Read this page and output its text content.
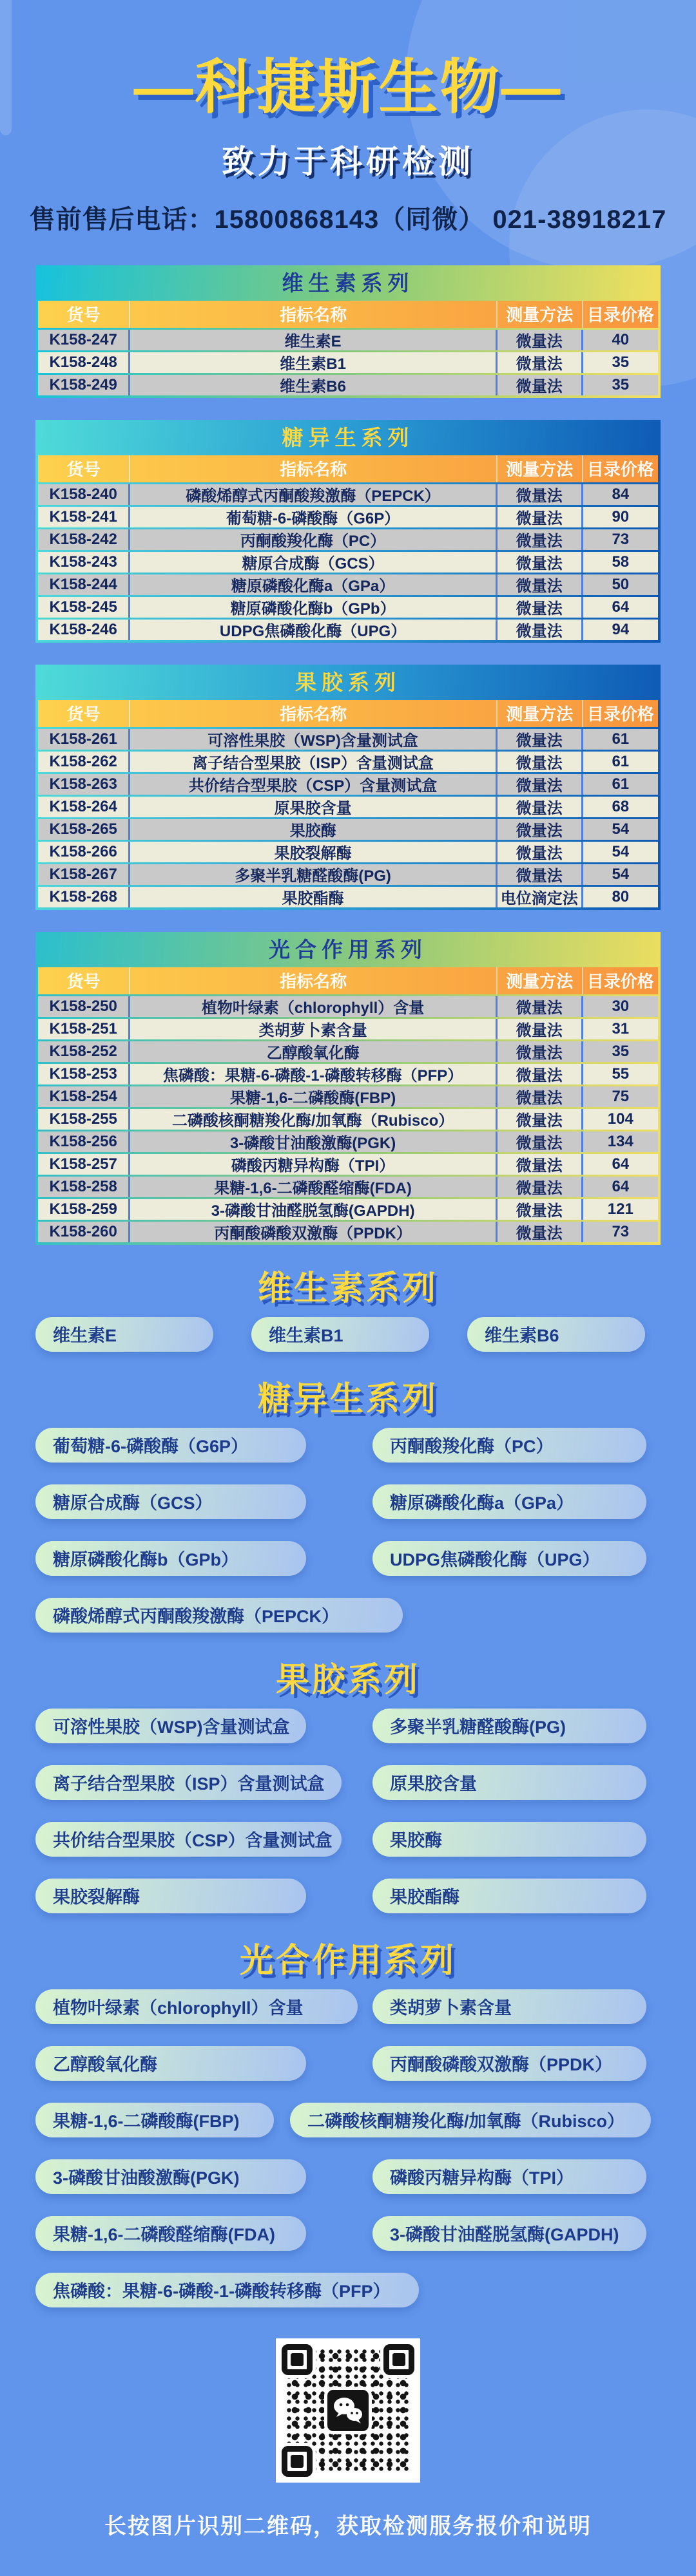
—科捷斯生物—
致力于科研检测
售前售后电话：15800868143（同微） 021-38918217
维生素系列
货号	指标名称	测量方法 目录价格
K158-247	维生素E	微量法	40
K158-248	维生素B1	微量法	35
K158-249	维生素B6	微量法	35
糖异生系列
货号	指标名称	测量方法 目录价格
K158-240	磷酸烯醇式丙酮酸羧激酶（PEPCK）	微量法	84
K158-241	葡萄糖-6-磷酸酶（G6P）	微量法	90
K158-242	丙酮酸羧化酶（PC）	微量法	73
K158-243	糖原合成酶（GCS）	微量法	58
K158-244	糖原磷酸化酶a（GPa）	微量法	50
K158-245	糖原磷酸化酶b（GPb）	微量法	64
K158-246	UDPG焦磷酸化酶（UPG）	微量法	94
果胶系列
货号	指标名称	测量方法 目录价格
K158-261	可溶性果胶（WSP)含量测试盒	微量法	61
K158-262	离子结合型果胶（ISP）含量测试盒	微量法	61
K158-263	共价结合型果胶（CSP）含量测试盒	微量法	61
K158-264	原果胶含量	微量法	68
K158-265	果胶酶	微量法	54
K158-266	果胶裂解酶	微量法	54
K158-267	多聚半乳糖醛酸酶(PG)	微量法	54
K158-268	果胶酯酶	电位滴定法	80
光合作用系列
货号	指标名称	测量方法 目录价格
K158-250	植物叶绿素（chlorophyll）含量	微量法	30
K158-251	类胡萝卜素含量	微量法	31
K158-252	乙醇酸氧化酶	微量法	35
K158-253	焦磷酸：果糖-6-磷酸-1-磷酸转移酶（PFP）	微量法	55
K158-254	果糖-1,6-二磷酸酶(FBP)	微量法	75
K158-255	二磷酸核酮糖羧化酶/加氧酶（Rubisco）	微量法	104
K158-256	3-磷酸甘油酸激酶(PGK)	微量法	134
K158-257	磷酸丙糖异构酶（TPI）	微量法	64
K158-258	果糖-1,6-二磷酸醛缩酶(FDA)	微量法	64
K158-259	3-磷酸甘油醛脱氢酶(GAPDH)	微量法	121
K158-260	丙酮酸磷酸双激酶（PPDK）	微量法	73
维生素系列
维生素E	维生素B1	维生素B6
糖异生系列
葡萄糖-6-磷酸酶（G6P）	丙酮酸羧化酶（PC）
糖原合成酶（GCS）	糖原磷酸化酶a（GPa）
糖原磷酸化酶b（GPb）	UDPG焦磷酸化酶（UPG）
磷酸烯醇式丙酮酸羧激酶（PEPCK）
果胶系列
可溶性果胶（WSP)含量测试盒	多聚半乳糖醛酸酶(PG)
离子结合型果胶（ISP）含量测试盒	原果胶含量
共价结合型果胶（CSP）含量测试盒	果胶酶
果胶裂解酶	果胶酯酶
光合作用系列
植物叶绿素（chlorophyll）含量	类胡萝卜素含量
乙醇酸氧化酶	丙酮酸磷酸双激酶（PPDK）
果糖-1,6-二磷酸酶(FBP)	二磷酸核酮糖羧化酶/加氧酶（Rubisco）
3-磷酸甘油酸激酶(PGK)	磷酸丙糖异构酶（TPI）
果糖-1,6-二磷酸醛缩酶(FDA)	3-磷酸甘油醛脱氢酶(GAPDH)
焦磷酸：果糖-6-磷酸-1-磷酸转移酶（PFP）
长按图片识别二维码，获取检测服务报价和说明
